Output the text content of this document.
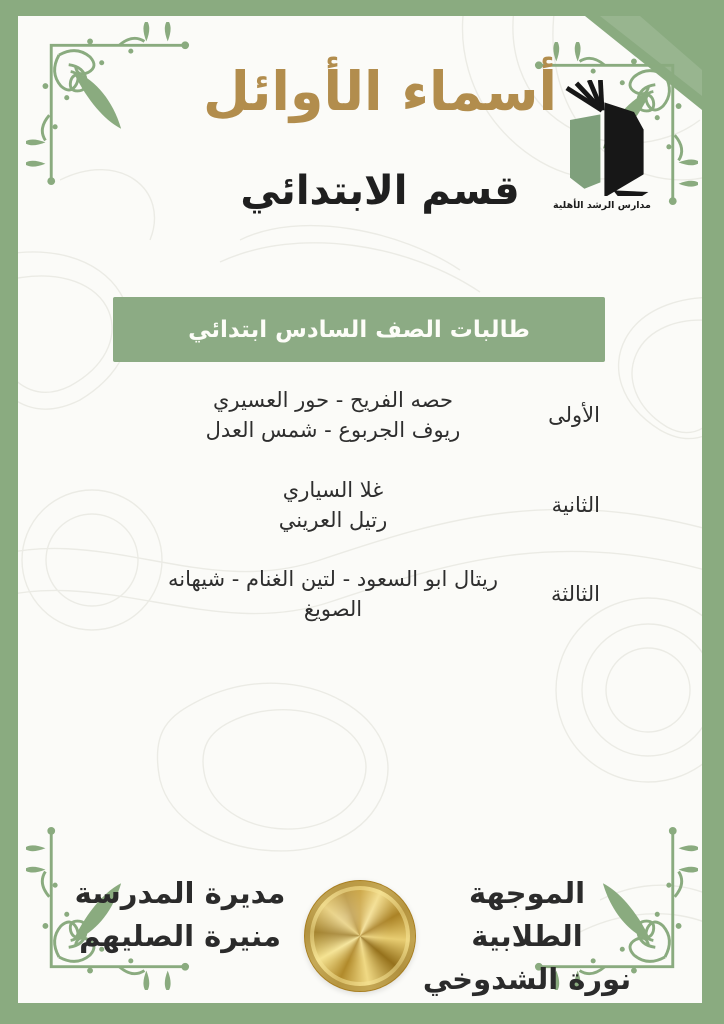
أسماء الأوائل
قسم الابتدائي	مدارس الرشد الأهلية
طالبات الصف السادس ابتدائي
الأولى
حصه الفريح - حور العسيري
ريوف الجربوع - شمس العدل
الثانية
غلا السياري
رتيل العريني
الثالثة
ريتال ابو السعود - لتين الغنام - شيهانه الصويغ
مديرة المدرسة
منيرة الصليهم
الموجهة الطلابية
نورة الشدوخي
